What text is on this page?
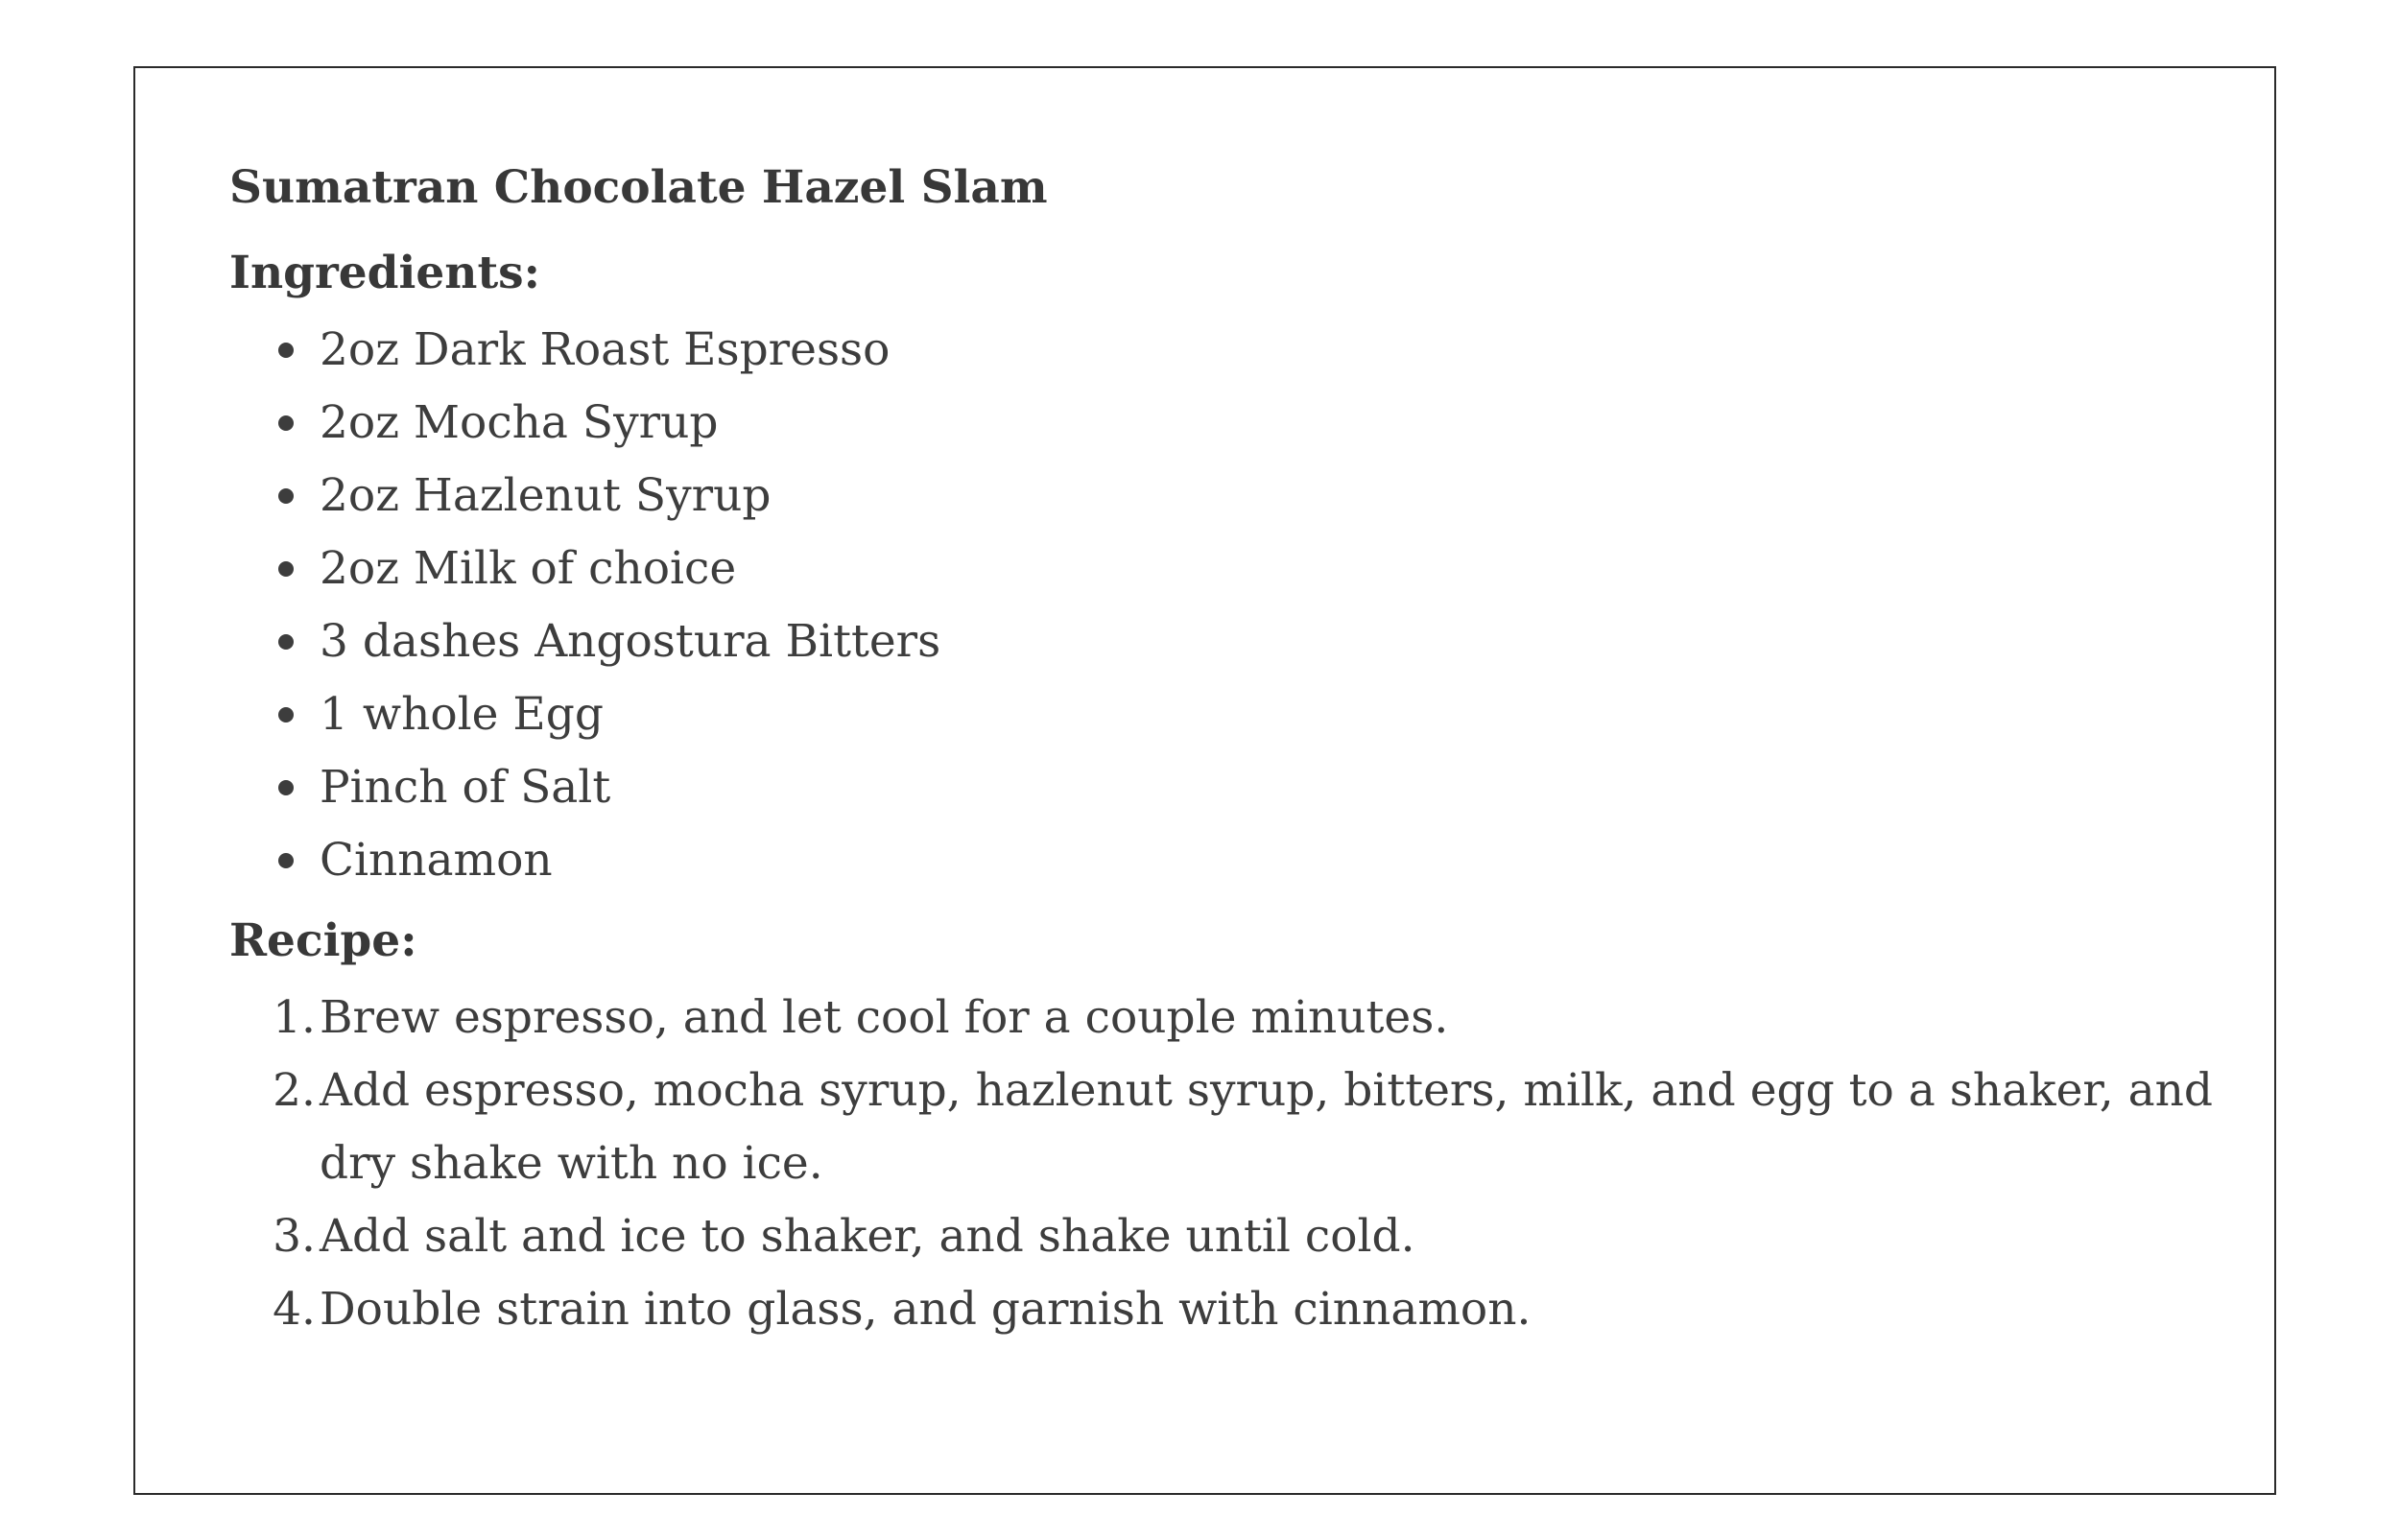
Sumatran Chocolate Hazel Slam
Ingredients:
2oz Dark Roast Espresso
2oz Mocha Syrup
2oz Hazlenut Syrup
2oz Milk of choice
3 dashes Angostura Bitters
1 whole Egg
Pinch of Salt
Cinnamon
Recipe:
1. Brew espresso, and let cool for a couple minutes.
2. Add espresso, mocha syrup, hazlenut syrup, bitters, milk, and egg to a shaker, and dry shake with no ice.
3. Add salt and ice to shaker, and shake until cold.
4. Double strain into glass, and garnish with cinnamon.
